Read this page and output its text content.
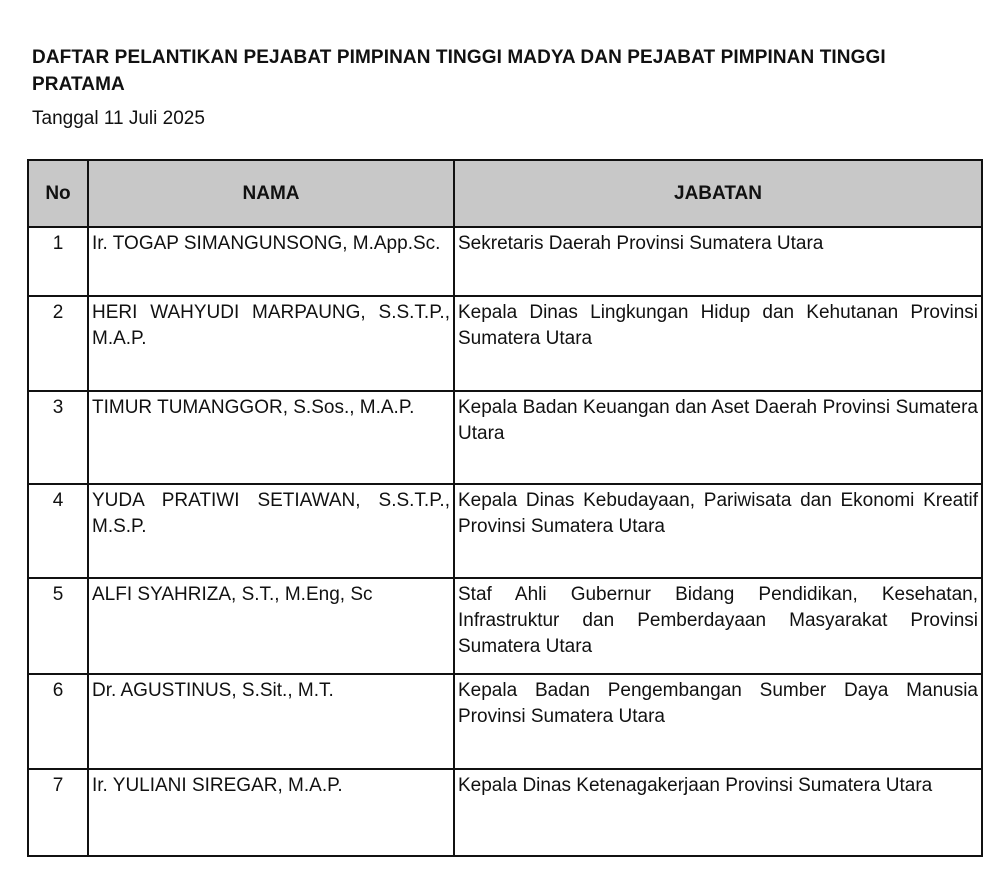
DAFTAR PELANTIKAN PEJABAT PIMPINAN TINGGI MADYA DAN PEJABAT PIMPINAN TINGGI PRATAMA
Tanggal 11 Juli 2025
No	NAMA	JABATAN
1	Ir. TOGAP SIMANGUNSONG, M.App.Sc.	Sekretaris Daerah Provinsi Sumatera Utara
2	HERI WAHYUDI MARPAUNG, S.S.T.P., M.A.P.	Kepala Dinas Lingkungan Hidup dan Kehutanan Provinsi Sumatera Utara
3	TIMUR TUMANGGOR, S.Sos., M.A.P.	Kepala Badan Keuangan dan Aset Daerah Provinsi Sumatera Utara
4	YUDA PRATIWI SETIAWAN, S.S.T.P., M.S.P.	Kepala Dinas Kebudayaan, Pariwisata dan Ekonomi Kreatif Provinsi Sumatera Utara
5	ALFI SYAHRIZA, S.T., M.Eng, Sc	Staf Ahli Gubernur Bidang Pendidikan, Kesehatan, Infrastruktur dan Pemberdayaan Masyarakat Provinsi Sumatera Utara
6	Dr. AGUSTINUS, S.Sit., M.T.	Kepala Badan Pengembangan Sumber Daya Manusia Provinsi Sumatera Utara
7	Ir. YULIANI SIREGAR, M.A.P.	Kepala Dinas Ketenagakerjaan Provinsi Sumatera Utara
